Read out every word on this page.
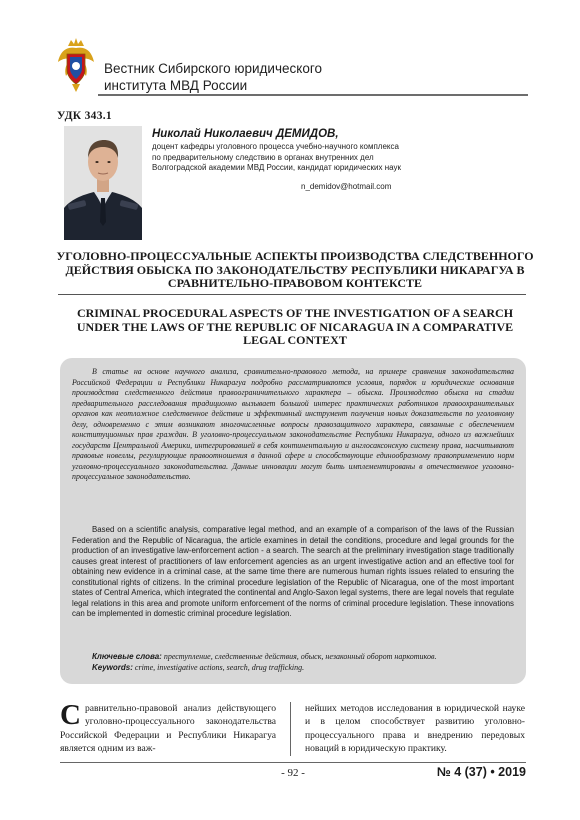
Вестник Сибирского юридического
института МВД России
УДК 343.1
Николай Николаевич ДЕМИДОВ,
доцент кафедры уголовного процесса учебно-научного комплекса по предварительному следствию в органах внутренних дел Волгоградской академии МВД России, кандидат юридических наук
n_demidov@hotmail.com
УГОЛОВНО-ПРОЦЕССУАЛЬНЫЕ АСПЕКТЫ ПРОИЗВОДСТВА СЛЕДСТВЕННОГО ДЕЙСТВИЯ ОБЫСКА ПО ЗАКОНОДАТЕЛЬСТВУ РЕСПУБЛИКИ НИКАРАГУА В СРАВНИТЕЛЬНО-ПРАВОВОМ КОНТЕКСТЕ
CRIMINAL PROCEDURAL ASPECTS OF THE INVESTIGATION OF A SEARCH UNDER THE LAWS OF THE REPUBLIC OF NICARAGUA IN A COMPARATIVE LEGAL CONTEXT

В статье на основе научного анализа, сравнительно-правового метода, на примере сравнения законодательства Российской Федерации и Республики Никарагуа подробно рассматриваются условия, порядок и юридические основания производства следственного действия правоограничительного характера – обыска. Производство обыска на стадии предварительного расследования традиционно вызывает большой интерес практических работников правоохранительных органов как неотложное следственное действие и эффективный инструмент получения новых доказательств по уголовному делу, одновременно с этим возникают многочисленные вопросы правозащитного характера, связанные с обеспечением конституционных прав граждан. В уголовно-процессуальном законодательстве Республики Никарагуа, одного из важнейших государств Центральной Америки, интегрировавшей в себя континентальную и англосаксонскую систему права, насчитывают правовые новеллы, регулирующие правоотношения в данной сфере и способствующие единообразному правоприменению норм уголовно-процессуального законодательства. Данные инновации могут быть имплементированы в отечественное уголовно-процессуальное законодательство.

Based on a scientific analysis, comparative legal method, and an example of a comparison of the laws of the Russian Federation and the Republic of Nicaragua, the article examines in detail the conditions, procedure and legal grounds for the production of an investigative law-enforcement action - a search. The search at the preliminary investigation stage traditionally causes great interest of practitioners of law enforcement agencies as an urgent investigative action and an effective tool for obtaining new evidence in a criminal case, at the same time there are numerous human rights issues related to ensuring the constitutional rights of citizens. In the criminal procedure legislation of the Republic of Nicaragua, one of the most important states of Central America, which integrated the continental and Anglo-Saxon legal systems, there are legal novels that regulate legal relations in this area and promote uniform enforcement of the norms of criminal procedure legislation. These innovations can be implemented in domestic criminal procedure legislation.

Ключевые слова: преступление, следственные действия, обыск, незаконный оборот наркотиков.
Keywords: crime, investigative actions, search, drug trafficking.
Сравнительно-правовой анализ действующего уголовно-процессуального законодательства Российской Федерации и Республики Никарагуа является одним из важ-
нейших методов исследования в юридической науке и в целом способствует развитию уголовно-процессуального права и внедрению передовых новаций в юридическую практику.
- 92 -	№ 4 (37) • 2019
